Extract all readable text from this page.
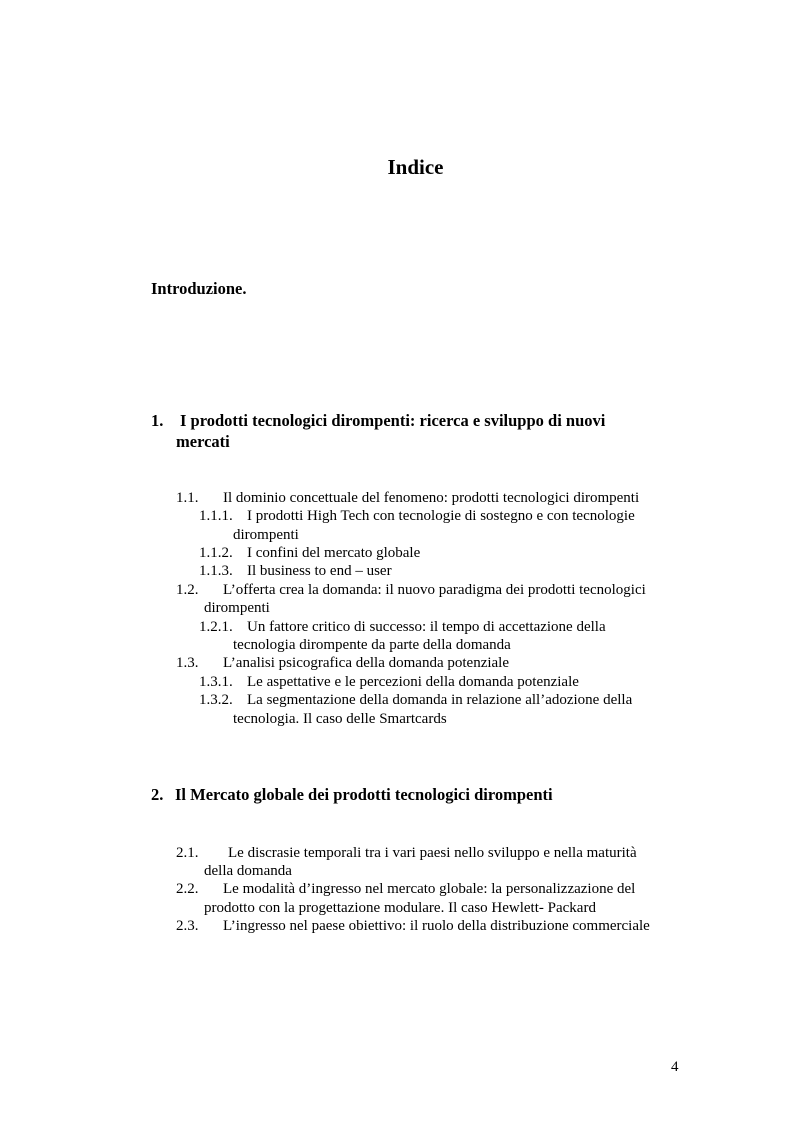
Indice
Introduzione.
1. I prodotti tecnologici dirompenti: ricerca e sviluppo di nuovi
mercati
1.1. Il dominio concettuale del fenomeno: prodotti tecnologici dirompenti
1.1.1. I prodotti High Tech con tecnologie di sostegno e con tecnologie
dirompenti
1.1.2. I confini del mercato globale
1.1.3. Il business to end – user
1.2. L’offerta crea la domanda: il nuovo paradigma dei prodotti tecnologici
dirompenti
1.2.1. Un fattore critico di successo: il tempo di accettazione della
tecnologia dirompente da parte della domanda
1.3. L’analisi psicografica della domanda potenziale
1.3.1. Le aspettative e le percezioni della domanda potenziale
1.3.2. La segmentazione della domanda in relazione all’adozione della
tecnologia. Il caso delle Smartcards
2. Il Mercato globale dei prodotti tecnologici dirompenti
2.1. Le discrasie temporali tra i vari paesi nello sviluppo e nella maturità
della domanda
2.2. Le modalità d’ingresso nel mercato globale: la personalizzazione del
prodotto con la progettazione modulare. Il caso Hewlett- Packard
2.3. L’ingresso nel paese obiettivo: il ruolo della distribuzione commerciale
4
